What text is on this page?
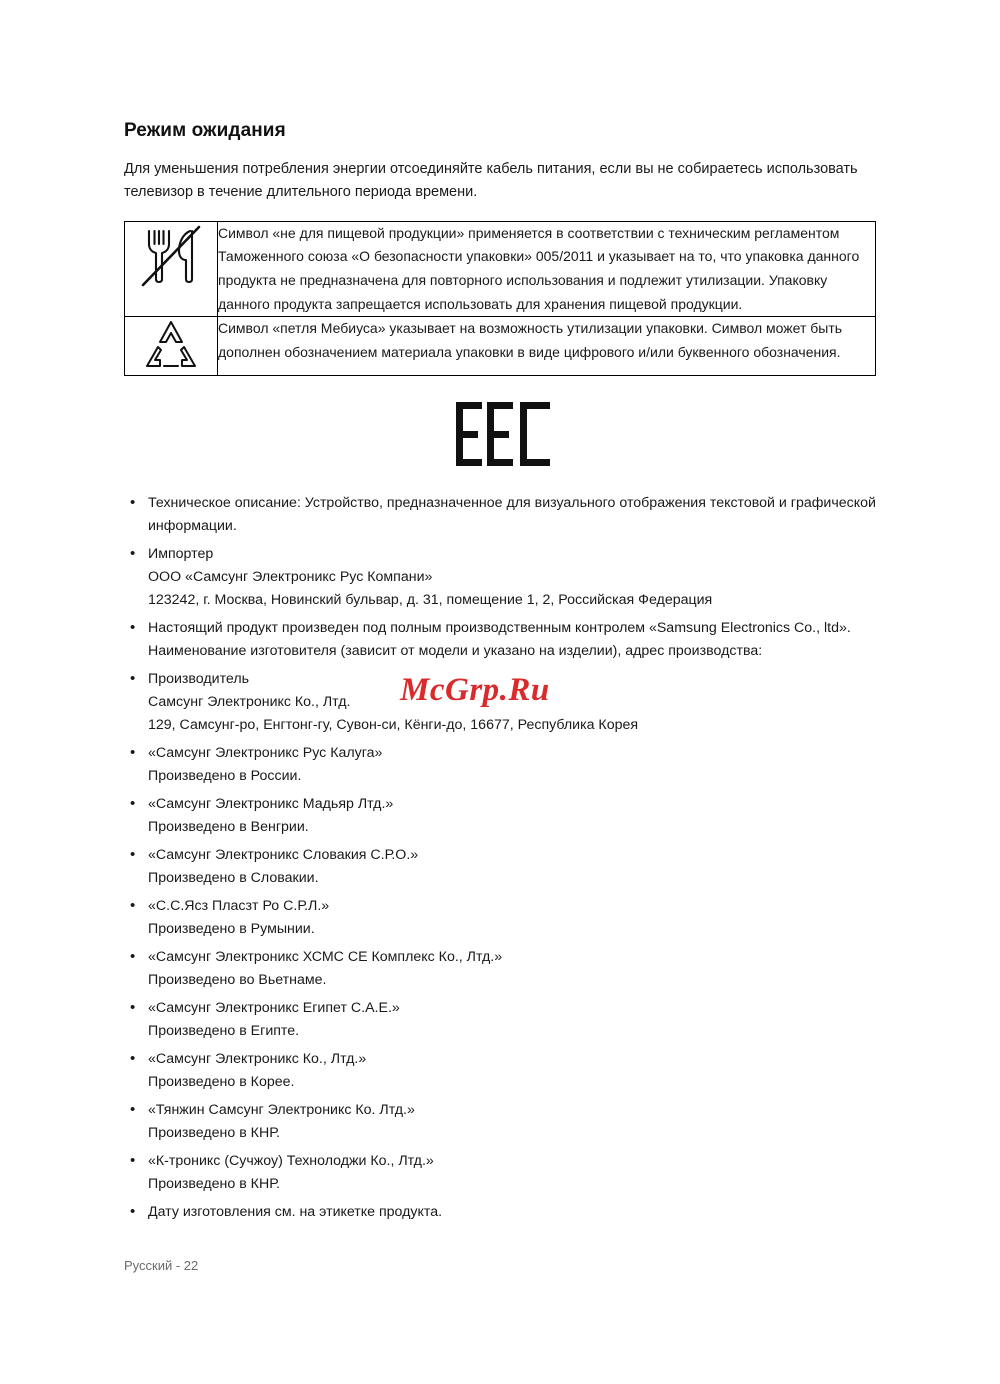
Режим ожидания

Для уменьшения потребления энергии отсоединяйте кабель питания, если вы не собираетесь использовать телевизор в течение длительного периода времени.

	Символ «не для пищевой продукции» применяется в соответствии с техническим регламентом Таможенного союза «О безопасности упаковки» 005/2011 и указывает на то, что упаковка данного продукта не предназначена для повторного использования и подлежит утилизации. Упаковку данного продукта запрещается использовать для хранения пищевой продукции.

	Символ «петля Мебиуса» указывает на возможность утилизации упаковки. Символ может быть дополнен обозначением материала упаковки в виде цифрового и/или буквенного обозначения.
• Техническое описание: Устройство, предназначенное для визуального отображения текстовой и графической информации.
• Импортер
ООО «Самсунг Электроникс Рус Компани»
123242, г. Москва, Новинский бульвар, д. 31, помещение 1, 2, Российская Федерация
• Настоящий продукт произведен под полным производственным контролем «Samsung Electronics Co., ltd». Наименование изготовителя (зависит от модели и указано на изделии), адрес производства:
• Производитель
Самсунг Электроникс Ко., Лтд.
129, Самсунг-ро, Енгтонг-гу, Сувон-си, Кёнги-до, 16677, Республика Корея
• «Самсунг Электроникс Рус Калуга»
Произведено в России.
• «Самсунг Электроникс Мадьяр Лтд.»
Произведено в Венгрии.
• «Самсунг Электроникс Словакия С.Р.О.»
Произведено в Словакии.
• «С.С.Ясз Пласзт Ро С.Р.Л.»
Произведено в Румынии.
• «Самсунг Электроникс ХСМС СЕ Комплекс Ко., Лтд.»
Произведено во Вьетнаме.
• «Самсунг Электроникс Египет С.А.Е.»
Произведено в Египте.
• «Самсунг Электроникс Ко., Лтд.»
Произведено в Корее.
• «Тянжин Самсунг Электроникс Ко. Лтд.»
Произведено в КНР.
• «К-троникс (Сучжоу) Технолоджи Ко., Лтд.»
Произведено в КНР.
• Дату изготовления см. на этикетке продукта.
McGrp.Ru
Русский - 22
